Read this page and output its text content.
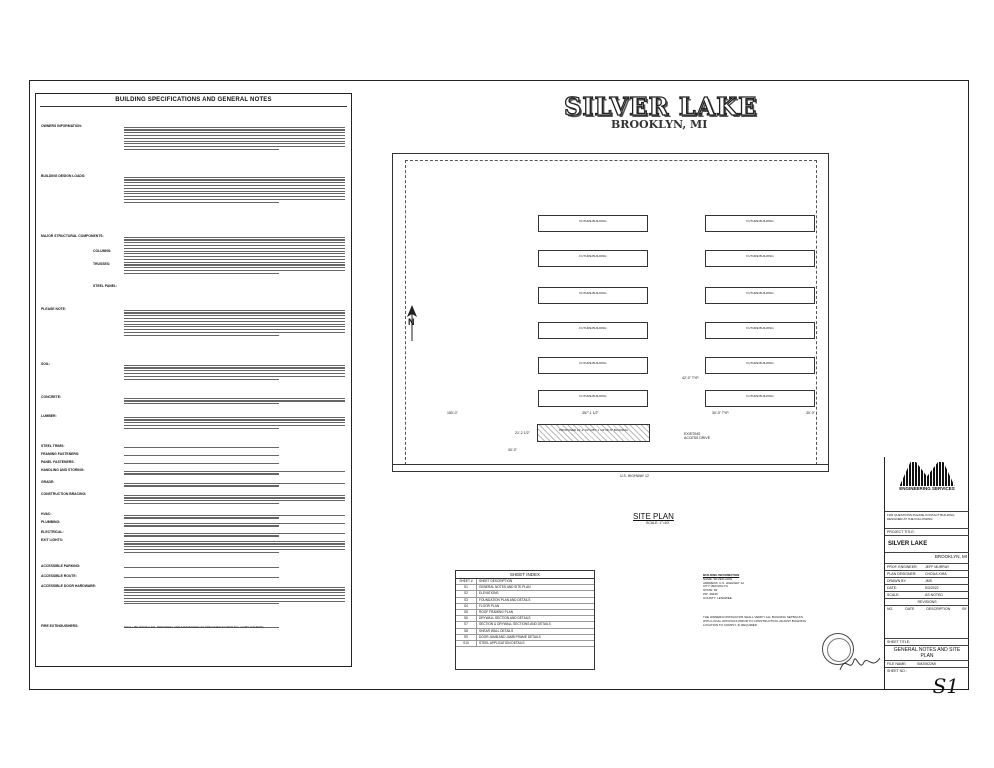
BUILDING SPECIFICATIONS AND GENERAL NOTES
OWNERS INFORMATION:
BUILDING DESIGN LOADS:
MAJOR STRUCTURAL COMPONENTS:
PLEASE NOTE:
SOIL:
CONCRETE:
LUMBER:
STEEL TRIMS:
FRAMING FASTENERS:
PANEL FASTENERS:
HANDLING AND STORING:
GRADE:
CONSTRUCTION BRACING:
HVAC:
PLUMBING:
ELECTRICAL:
EXIT LIGHTS:
ACCESSIBLE PARKING:
ACCESSIBLE ROUTE:
ACCESSIBLE DOOR HARDWARE:
FIRE EXTINGUISHERS:
COLUMNS:
TRUSSES:
STEEL PANEL:
SHALL BE INSTALLED, PROVIDED, AND MAINTAINED AS SPECIFIED IN NFPA NO. 10 (BY OTHERS).
SILVER LAKE
BROOKLYN, MI
FUTURE BUILDING	FUTURE BUILDING
FUTURE BUILDING	FUTURE BUILDING
FUTURE BUILDING	FUTURE BUILDING
FUTURE BUILDING	FUTURE BUILDING
FUTURE BUILDING	FUTURE BUILDING
FUTURE BUILDING	FUTURE BUILDING
PROPOSED 21'-2 1/2"x357'-1 1/2"x8'-6" BUILDING
U.S. HIGHWAY 12
EXISTING ACCESS DRIVE
42'-0" TYP.
30'-0" TYP.
150'-0"	357'-1 1/2"	30'-0"
21'-2 1/2"
30'-0"
N
SITE PLAN
SCALE: 1"=40'
SHEET INDEX
SHEET #	SHEET DESCRIPTION
S1	GENERAL NOTES AND SITE PLAN
S2	ELEVATIONS
S3	FOUNDATION PLAN AND DETAILS
S4	FLOOR PLAN
S5	ROOF FRAMING PLAN
S6	DRYWALL SECTION AND DETAILS
S7	SECTION & DRYWALL SECTIONS AND DETAILS
S8	SHEAR WALL DETAILS
S9	DOOR JAMB AND JAMB FRAME DETAILS
S10	STEEL APPLICATION DETAILS
BUILDING INFORMATION
NAME: SILVER LAKE
ADDRESS: U.S. HIGHWAY 12
CITY: BROOKLYN
STATE: MI
ZIP: 49230
COUNTY: LENAWEE
THE OWNER/CONTRACTOR SHALL VERIFY ALL BUILDING SETBACKS WITH LOCAL OFFICIALS PRIOR TO CONSTRUCTION. ADJUST BUILDING LOCATION TO COMPLY, IF REQUIRED.
ENGINEERING SERVICES
FOR QUESTIONS PLEASE CONTACT BUILDING DESIGNER AT THE FOLLOWING:
PROJECT TITLE:
SILVER LAKE
BROOKLYN, MI
PROF. ENGINEER:	JEFF MURRAY
PLAN DESIGNER:	CHOUA XIHA
DRAWN BY:	JMS
DATE:	5/3/2022
SCALE:	AS NOTED
REVISIONS
NO.	DATE	DESCRIPTION	BY
SHEET TITLE:
GENERAL NOTES AND SITE PLAN
FILE NAME:	SM20522MI
SHEET NO.:
S1
